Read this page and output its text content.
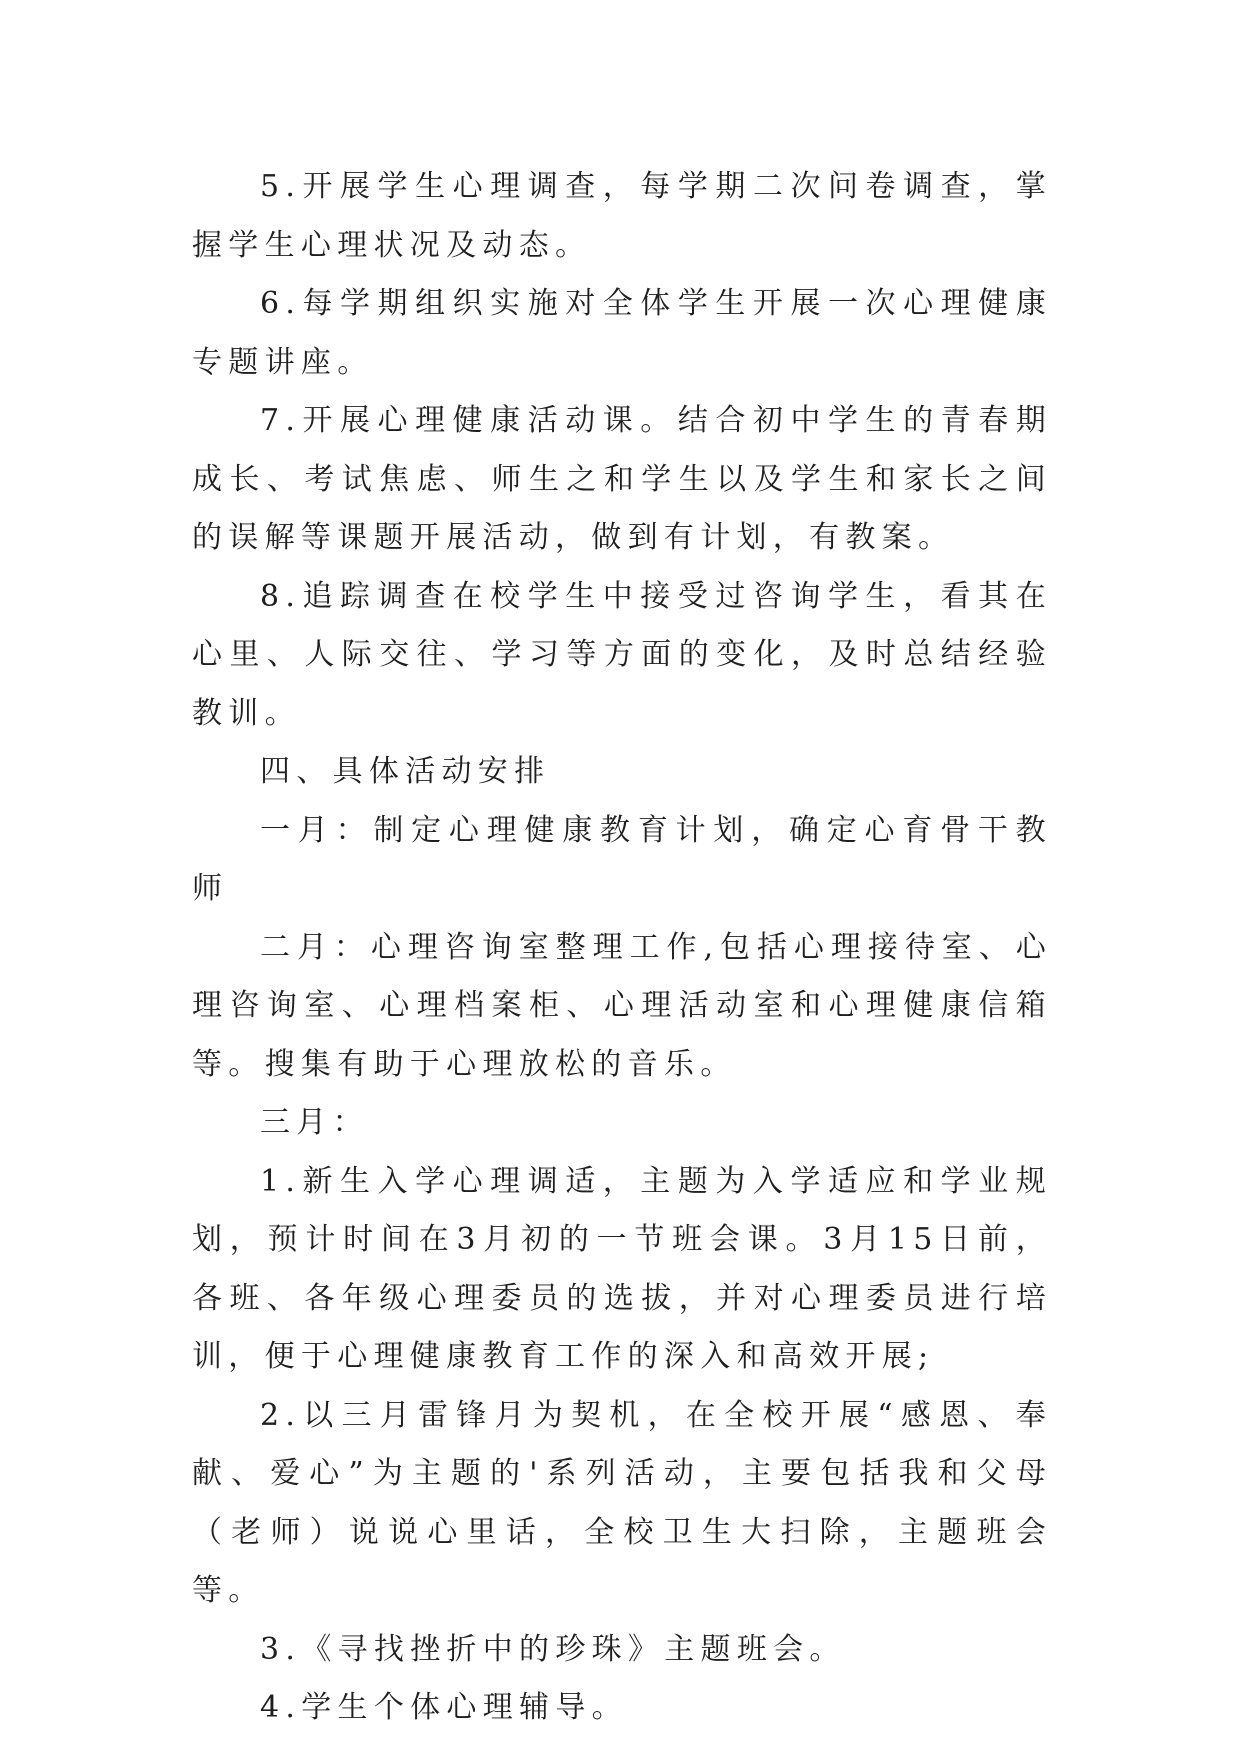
5.开展学生心理调查，每学期二次问卷调查，掌握学生心理状况及动态。

6.每学期组织实施对全体学生开展一次心理健康专题讲座。

7.开展心理健康活动课。结合初中学生的青春期成长、考试焦虑、师生之和学生以及学生和家长之间的误解等课题开展活动，做到有计划，有教案。

8.追踪调查在校学生中接受过咨询学生，看其在心里、人际交往、学习等方面的变化，及时总结经验教训。

四、具体活动安排

一月：制定心理健康教育计划，确定心育骨干教师

二月：心理咨询室整理工作,包括心理接待室、心理咨询室、心理档案柜、心理活动室和心理健康信箱等。搜集有助于心理放松的音乐。

三月：

1.新生入学心理调适，主题为入学适应和学业规划，预计时间在3月初的一节班会课。3月15日前，各班、各年级心理委员的选拔，并对心理委员进行培训，便于心理健康教育工作的深入和高效开展;

2.以三月雷锋月为契机，在全校开展“感恩、奉献、爱心”为主题的'系列活动，主要包括我和父母（老师）说说心里话，全校卫生大扫除，主题班会等。

3.《寻找挫折中的珍珠》主题班会。

4.学生个体心理辅导。
